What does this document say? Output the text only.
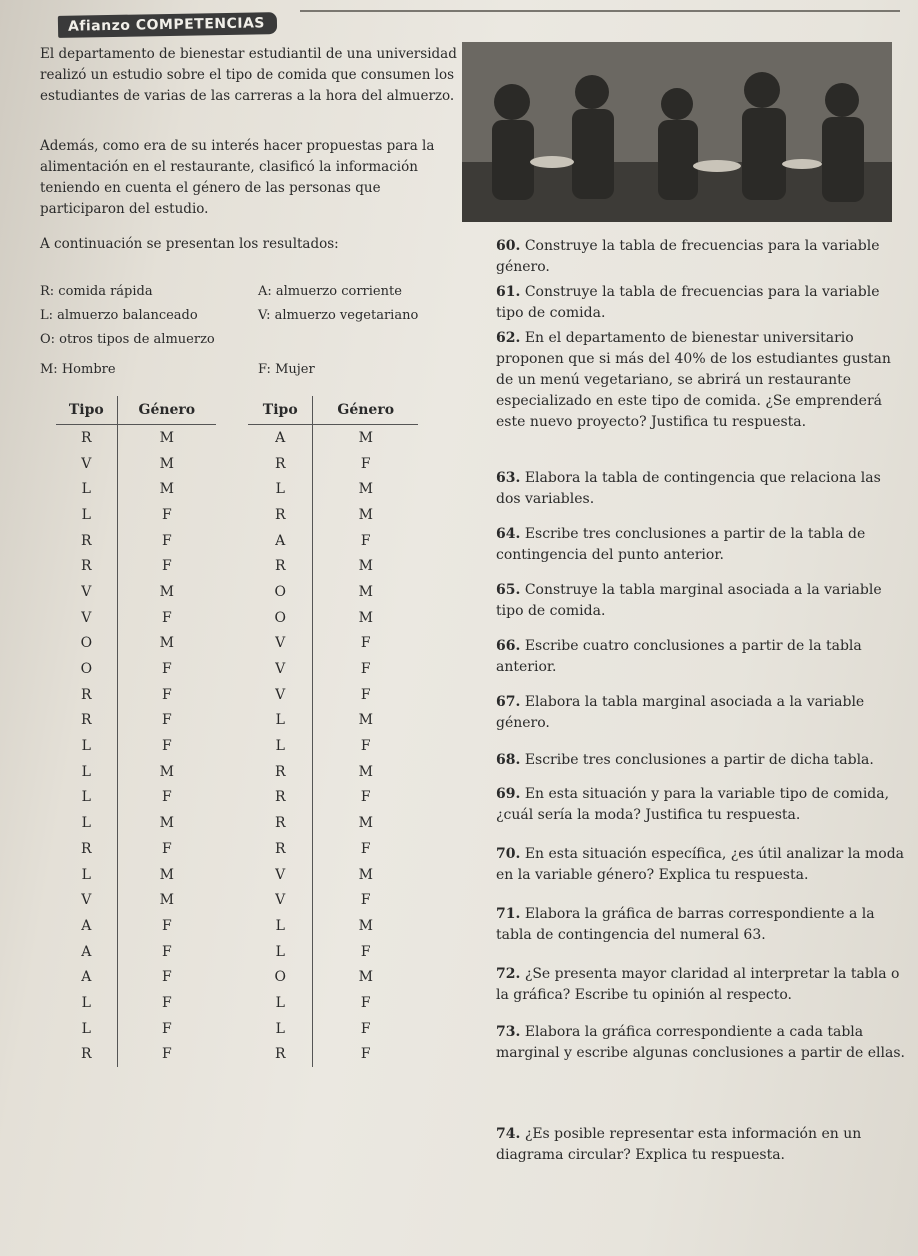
Afianzo COMPETENCIAS
El departamento de bienestar estudiantil de una universidad realizó un estudio sobre el tipo de comida que consumen los estudiantes de varias de las carreras a la hora del almuerzo.
Además, como era de su interés hacer propuestas para la alimentación en el restaurante, clasificó la información teniendo en cuenta el género de las personas que participaron del estudio.
A continuación se presentan los resultados:
R: comida rápida	A: almuerzo corriente
L: almuerzo balanceado	V: almuerzo vegetariano
O: otros tipos de almuerzo
M: Hombre	F: Mujer
Tipo	Género
R	M
V	M
L	M
L	F
R	F
R	F
V	M
V	F
O	M
O	F
R	F
R	F
L	F
L	M
L	F
L	M
R	F
L	M
V	M
A	F
A	F
A	F
L	F
L	F
R	F
Tipo	Género
A	M
R	F
L	M
R	M
A	F
R	M
O	M
O	M
V	F
V	F
V	F
L	M
L	F
R	M
R	F
R	M
R	F
V	M
V	F
L	M
L	F
O	M
L	F
L	F
R	F
60. Construye la tabla de frecuencias para la variable género.
61. Construye la tabla de frecuencias para la variable tipo de comida.
62. En el departamento de bienestar universitario proponen que si más del 40% de los estudiantes gustan de un menú vegetariano, se abrirá un restaurante especializado en este tipo de comida. ¿Se emprenderá este nuevo proyecto? Justifica tu respuesta.
63. Elabora la tabla de contingencia que relaciona las dos variables.
64. Escribe tres conclusiones a partir de la tabla de contingencia del punto anterior.
65. Construye la tabla marginal asociada a la variable tipo de comida.
66. Escribe cuatro conclusiones a partir de la tabla anterior.
67. Elabora la tabla marginal asociada a la variable género.
68. Escribe tres conclusiones a partir de dicha tabla.
69. En esta situación y para la variable tipo de comida, ¿cuál sería la moda? Justifica tu respuesta.
70. En esta situación específica, ¿es útil analizar la moda en la variable género? Explica tu respuesta.
71. Elabora la gráfica de barras correspondiente a la tabla de contingencia del numeral 63.
72. ¿Se presenta mayor claridad al interpretar la tabla o la gráfica? Escribe tu opinión al respecto.
73. Elabora la gráfica correspondiente a cada tabla marginal y escribe algunas conclusiones a partir de ellas.
74. ¿Es posible representar esta información en un diagrama circular? Explica tu respuesta.
